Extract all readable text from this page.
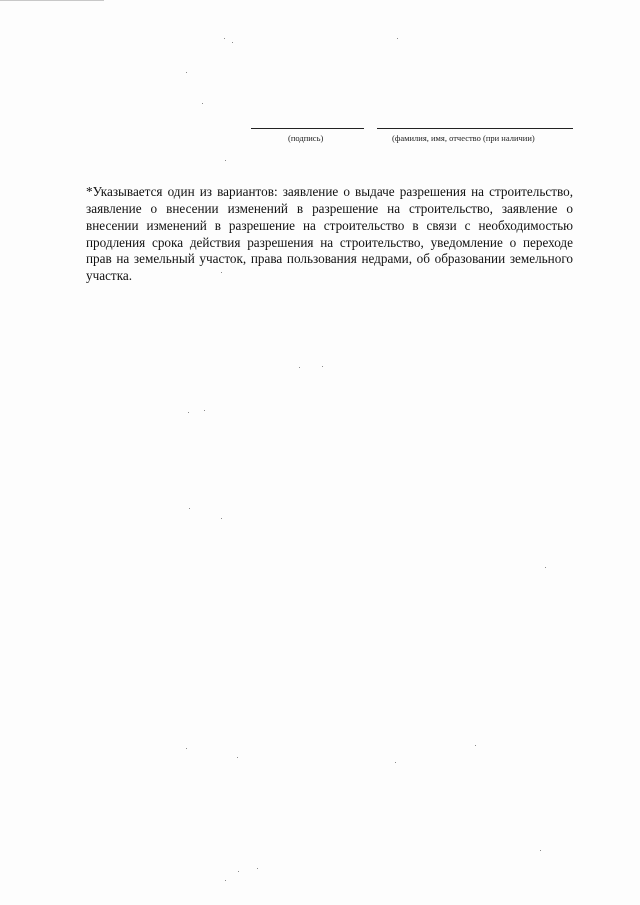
(подпись)	(фамилия, имя, отчество (при наличии)

*Указывается один из вариантов: заявление о выдаче разрешения на строительство, заявление о внесении изменений в разрешение на строительство, заявление о внесении изменений в разрешение на строительство в связи с необходимостью продления срока действия разрешения на строительство, уведомление о переходе прав на земельный участок, права пользования недрами, об образовании земельного участка.
